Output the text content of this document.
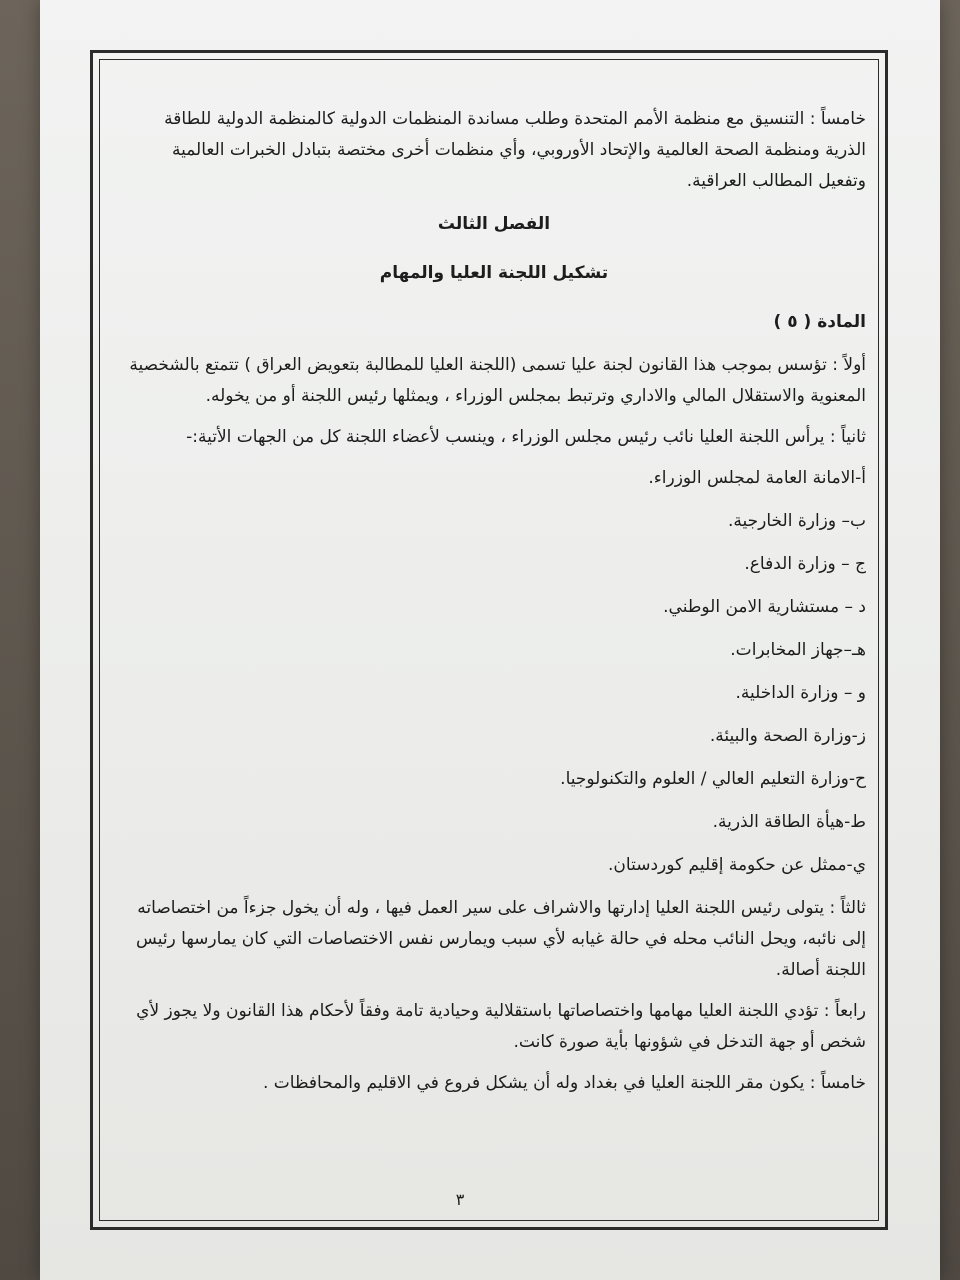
خامساً : التنسيق مع منظمة الأمم المتحدة وطلب مساندة المنظمات الدولية كالمنظمة الدولية للطاقة الذرية ومنظمة الصحة العالمية والإتحاد الأوروبي، وأي منظمات أخرى مختصة بتبادل الخبرات العالمية وتفعيل المطالب العراقية.

الفصل الثالث

تشكيل اللجنة العليا والمهام

المادة ( ٥ )

أولاً : تؤسس بموجب هذا القانون لجنة عليا تسمى (اللجنة العليا للمطالبة بتعويض العراق ) تتمتع بالشخصية المعنوية والاستقلال المالي والاداري وترتبط بمجلس الوزراء ، ويمثلها رئيس اللجنة أو من يخوله.

ثانياً : يرأس اللجنة العليا نائب رئيس مجلس الوزراء ، وينسب لأعضاء اللجنة كل من الجهات الأتية:-

أ-الامانة العامة لمجلس الوزراء.

ب– وزارة الخارجية.

ج – وزارة الدفاع.

د – مستشارية الامن الوطني.

هـ–جهاز المخابرات.

و – وزارة الداخلية.

ز-وزارة الصحة والبيئة.

ح-وزارة التعليم العالي / العلوم والتكنولوجيا.

ط-هيأة الطاقة الذرية.

ي-ممثل عن حكومة إقليم كوردستان.

ثالثاً : يتولى رئيس اللجنة العليا إدارتها والاشراف على سير العمل فيها ، وله أن يخول جزءاً من اختصاصاته إلى نائبه، ويحل النائب محله في حالة غيابه لأي سبب ويمارس نفس الاختصاصات التي كان يمارسها رئيس اللجنة أصالة.

رابعاً : تؤدي اللجنة العليا مهامها واختصاصاتها باستقلالية وحيادية تامة وفقاً لأحكام هذا القانون ولا يجوز لأي شخص أو جهة التدخل في شؤونها بأية صورة كانت.

خامساً : يكون مقر اللجنة العليا في بغداد وله أن يشكل فروع في الاقليم والمحافظات .

٣
